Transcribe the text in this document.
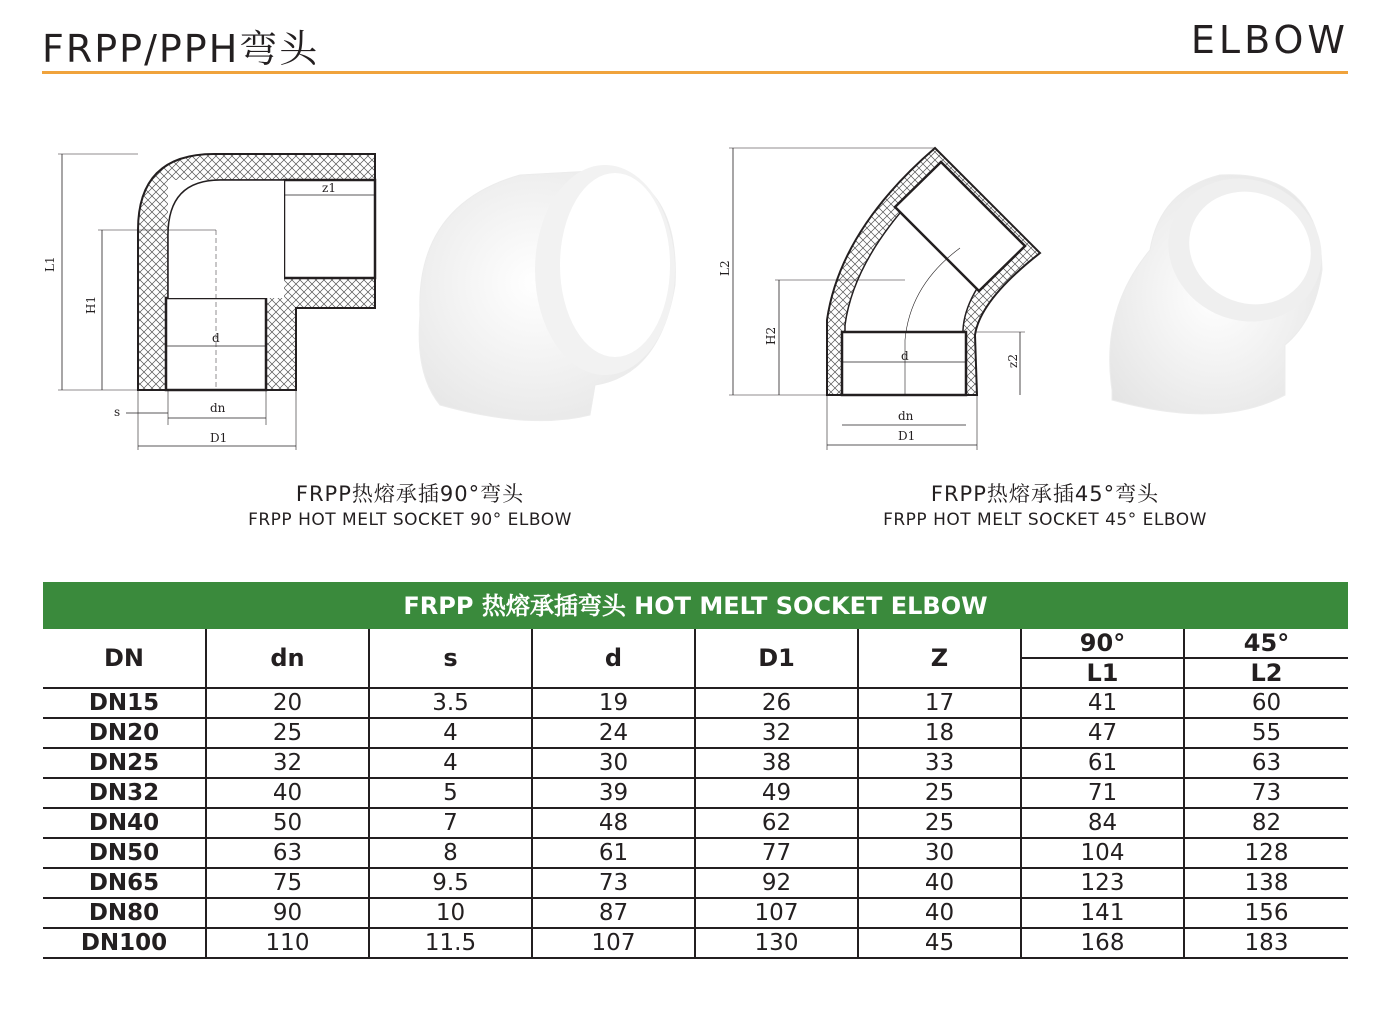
FRPP/PPH弯头	ELBOW
L1
H1
z1
d
s	dn
D1
L2
H2
z2
d
dn
D1
FRPP热熔承插90°弯头
FRPP HOT MELT SOCKET 90° ELBOW
FRPP热熔承插45°弯头
FRPP HOT MELT SOCKET 45° ELBOW
FRPP 热熔承插弯头 HOT MELT SOCKET ELBOW
DN	dn	s	d	D1	Z	90°	45°
						L1	L2
DN15	20	3.5	19	26	17	41	60
DN20	25	4	24	32	18	47	55
DN25	32	4	30	38	33	61	63
DN32	40	5	39	49	25	71	73
DN40	50	7	48	62	25	84	82
DN50	63	8	61	77	30	104	128
DN65	75	9.5	73	92	40	123	138
DN80	90	10	87	107	40	141	156
DN100	110	11.5	107	130	45	168	183
